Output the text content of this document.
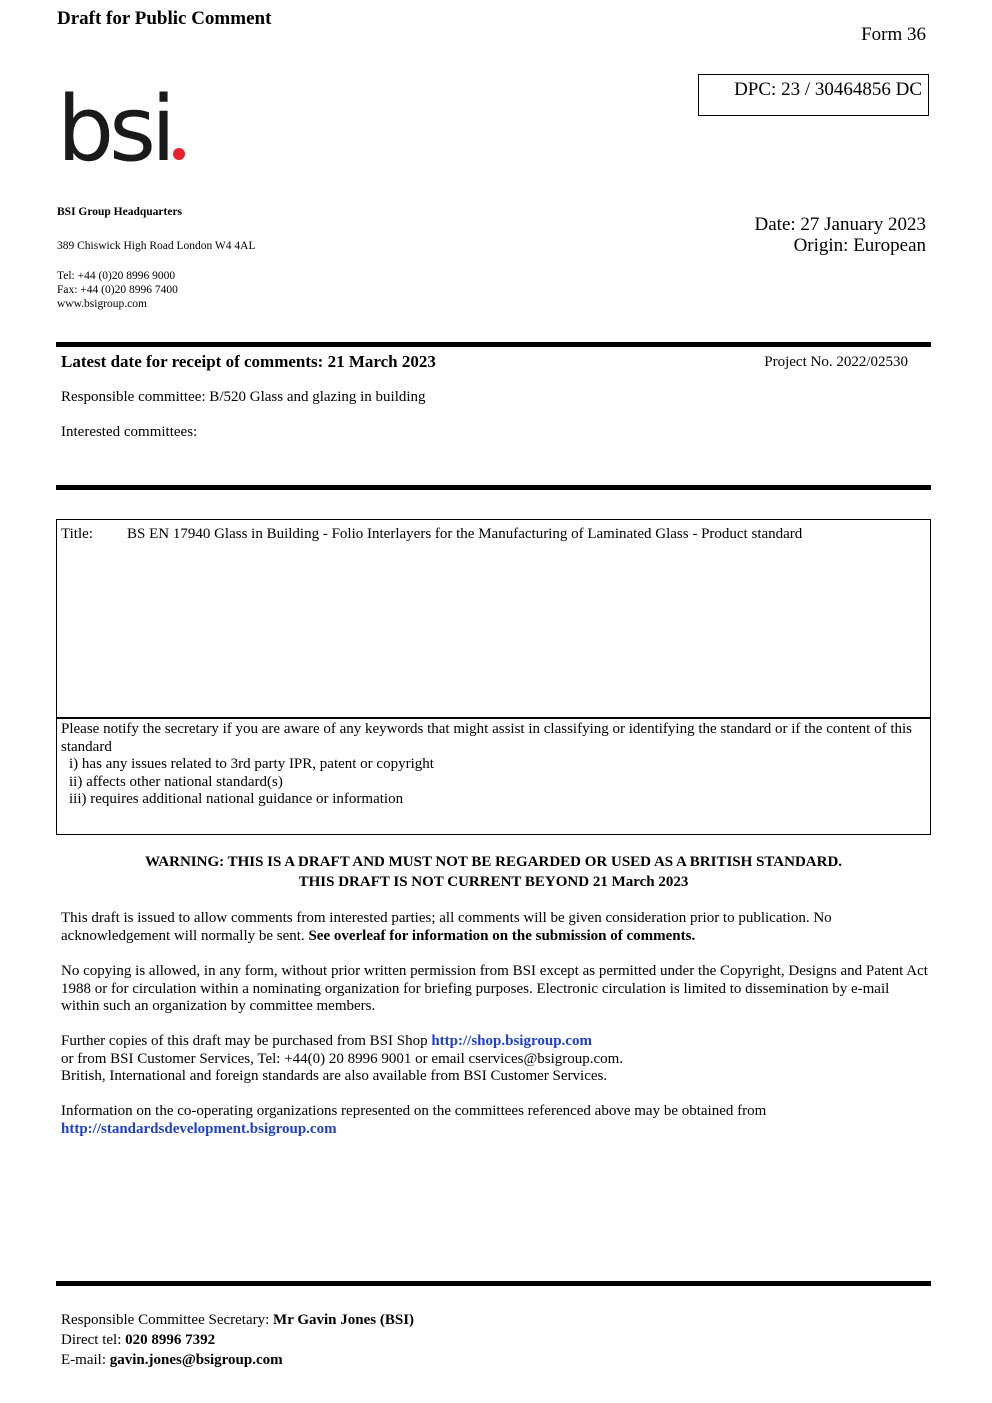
Draft for Public Comment
Form 36
DPC: 23 / 30464856 DC
bsi
BSI Group Headquarters
389 Chiswick High Road London W4 4AL
Tel: +44 (0)20 8996 9000
Fax: +44 (0)20 8996 7400
www.bsigroup.com
Date: 27 January 2023
Origin: European
Latest date for receipt of comments: 21 March 2023	Project No. 2022/02530
Responsible committee: B/520 Glass and glazing in building
Interested committees:
Title: BS EN 17940 Glass in Building - Folio Interlayers for the Manufacturing of Laminated Glass - Product standard
Please notify the secretary if you are aware of any keywords that might assist in classifying or identifying the standard or if the content of this standard
i) has any issues related to 3rd party IPR, patent or copyright
ii) affects other national standard(s)
iii) requires additional national guidance or information
WARNING: THIS IS A DRAFT AND MUST NOT BE REGARDED OR USED AS A BRITISH STANDARD.
THIS DRAFT IS NOT CURRENT BEYOND 21 March 2023
This draft is issued to allow comments from interested parties; all comments will be given consideration prior to publication. No acknowledgement will normally be sent. See overleaf for information on the submission of comments.
No copying is allowed, in any form, without prior written permission from BSI except as permitted under the Copyright, Designs and Patent Act 1988 or for circulation within a nominating organization for briefing purposes. Electronic circulation is limited to dissemination by e-mail within such an organization by committee members.
Further copies of this draft may be purchased from BSI Shop http://shop.bsigroup.com
or from BSI Customer Services, Tel: +44(0) 20 8996 9001 or email cservices@bsigroup.com.
British, International and foreign standards are also available from BSI Customer Services.
Information on the co-operating organizations represented on the committees referenced above may be obtained from
http://standardsdevelopment.bsigroup.com
Responsible Committee Secretary: Mr Gavin Jones (BSI)
Direct tel: 020 8996 7392
E-mail: gavin.jones@bsigroup.com
